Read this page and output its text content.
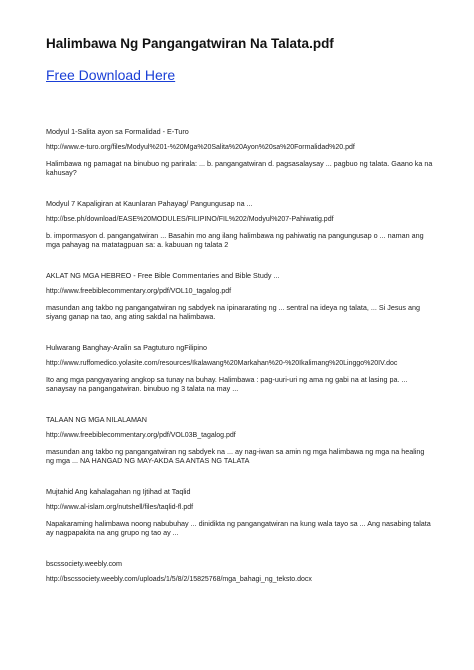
Halimbawa Ng Pangangatwiran Na Talata.pdf
Free Download Here

Modyul 1-Salita ayon sa Formalidad - E-Turo

http://www.e-turo.org/files/Modyul%201-%20Mga%20Salita%20Ayon%20sa%20Formalidad%20.pdf

Halimbawa ng pamagat na binubuo ng parirala: ... b. pangangatwiran d. pagsasalaysay ... pagbuo ng talata. Gaano ka na kahusay?

Modyul 7 Kapaligiran at Kaunlaran Pahayag/ Pangungusap na ...

http://bse.ph/download/EASE%20MODULES/FILIPINO/FIL%202/Modyul%207-Pahiwatig.pdf

b. impormasyon d. pangangatwiran ... Basahin mo ang ilang halimbawa ng pahiwatig na pangungusap o ... naman ang mga pahayag na matatagpuan sa: a. kabuuan ng talata 2

AKLAT NG MGA HEBREO - Free Bible Commentaries and Bible Study ...

http://www.freebiblecommentary.org/pdf/VOL10_tagalog.pdf

masundan ang takbo ng pangangatwiran ng sabdyek na ipinararating ng ... sentral na ideya ng talata, ... Si Jesus ang siyang ganap na tao, ang ating sakdal na halimbawa.

Hulwarang Banghay-Aralin sa Pagtuturo ngFilipino

http://www.ruffomedico.yolasite.com/resources/Ikalawang%20Markahan%20-%20Ikalimang%20Linggo%20IV.doc

Ito ang mga pangyayaring angkop sa tunay na buhay. Halimbawa : pag-uuri-uri ng ama ng gabi na at lasing pa. ... sanaysay na pangangatwiran. binubuo ng 3 talata na may ...

TALAAN NG MGA NILALAMAN

http://www.freebiblecommentary.org/pdf/VOL03B_tagalog.pdf

masundan ang takbo ng pangangatwiran ng sabdyek na ... ay nag-iwan sa amin ng mga halimbawa ng mga na healing ng mga ... NA HANGAD NG MAY-AKDA SA ANTAS NG TALATA

Mujtahid Ang kahalagahan ng Ijtihad at Taqlid

http://www.al-islam.org/nutshell/files/taqlid-fl.pdf

Napakaraming halimbawa noong nabubuhay ... dinidikta ng pangangatwiran na kung wala tayo sa ... Ang nasabing talata ay nagpapakita na ang grupo ng tao ay ...

bscssociety.weebly.com

http://bscssociety.weebly.com/uploads/1/5/8/2/15825768/mga_bahagi_ng_teksto.docx
